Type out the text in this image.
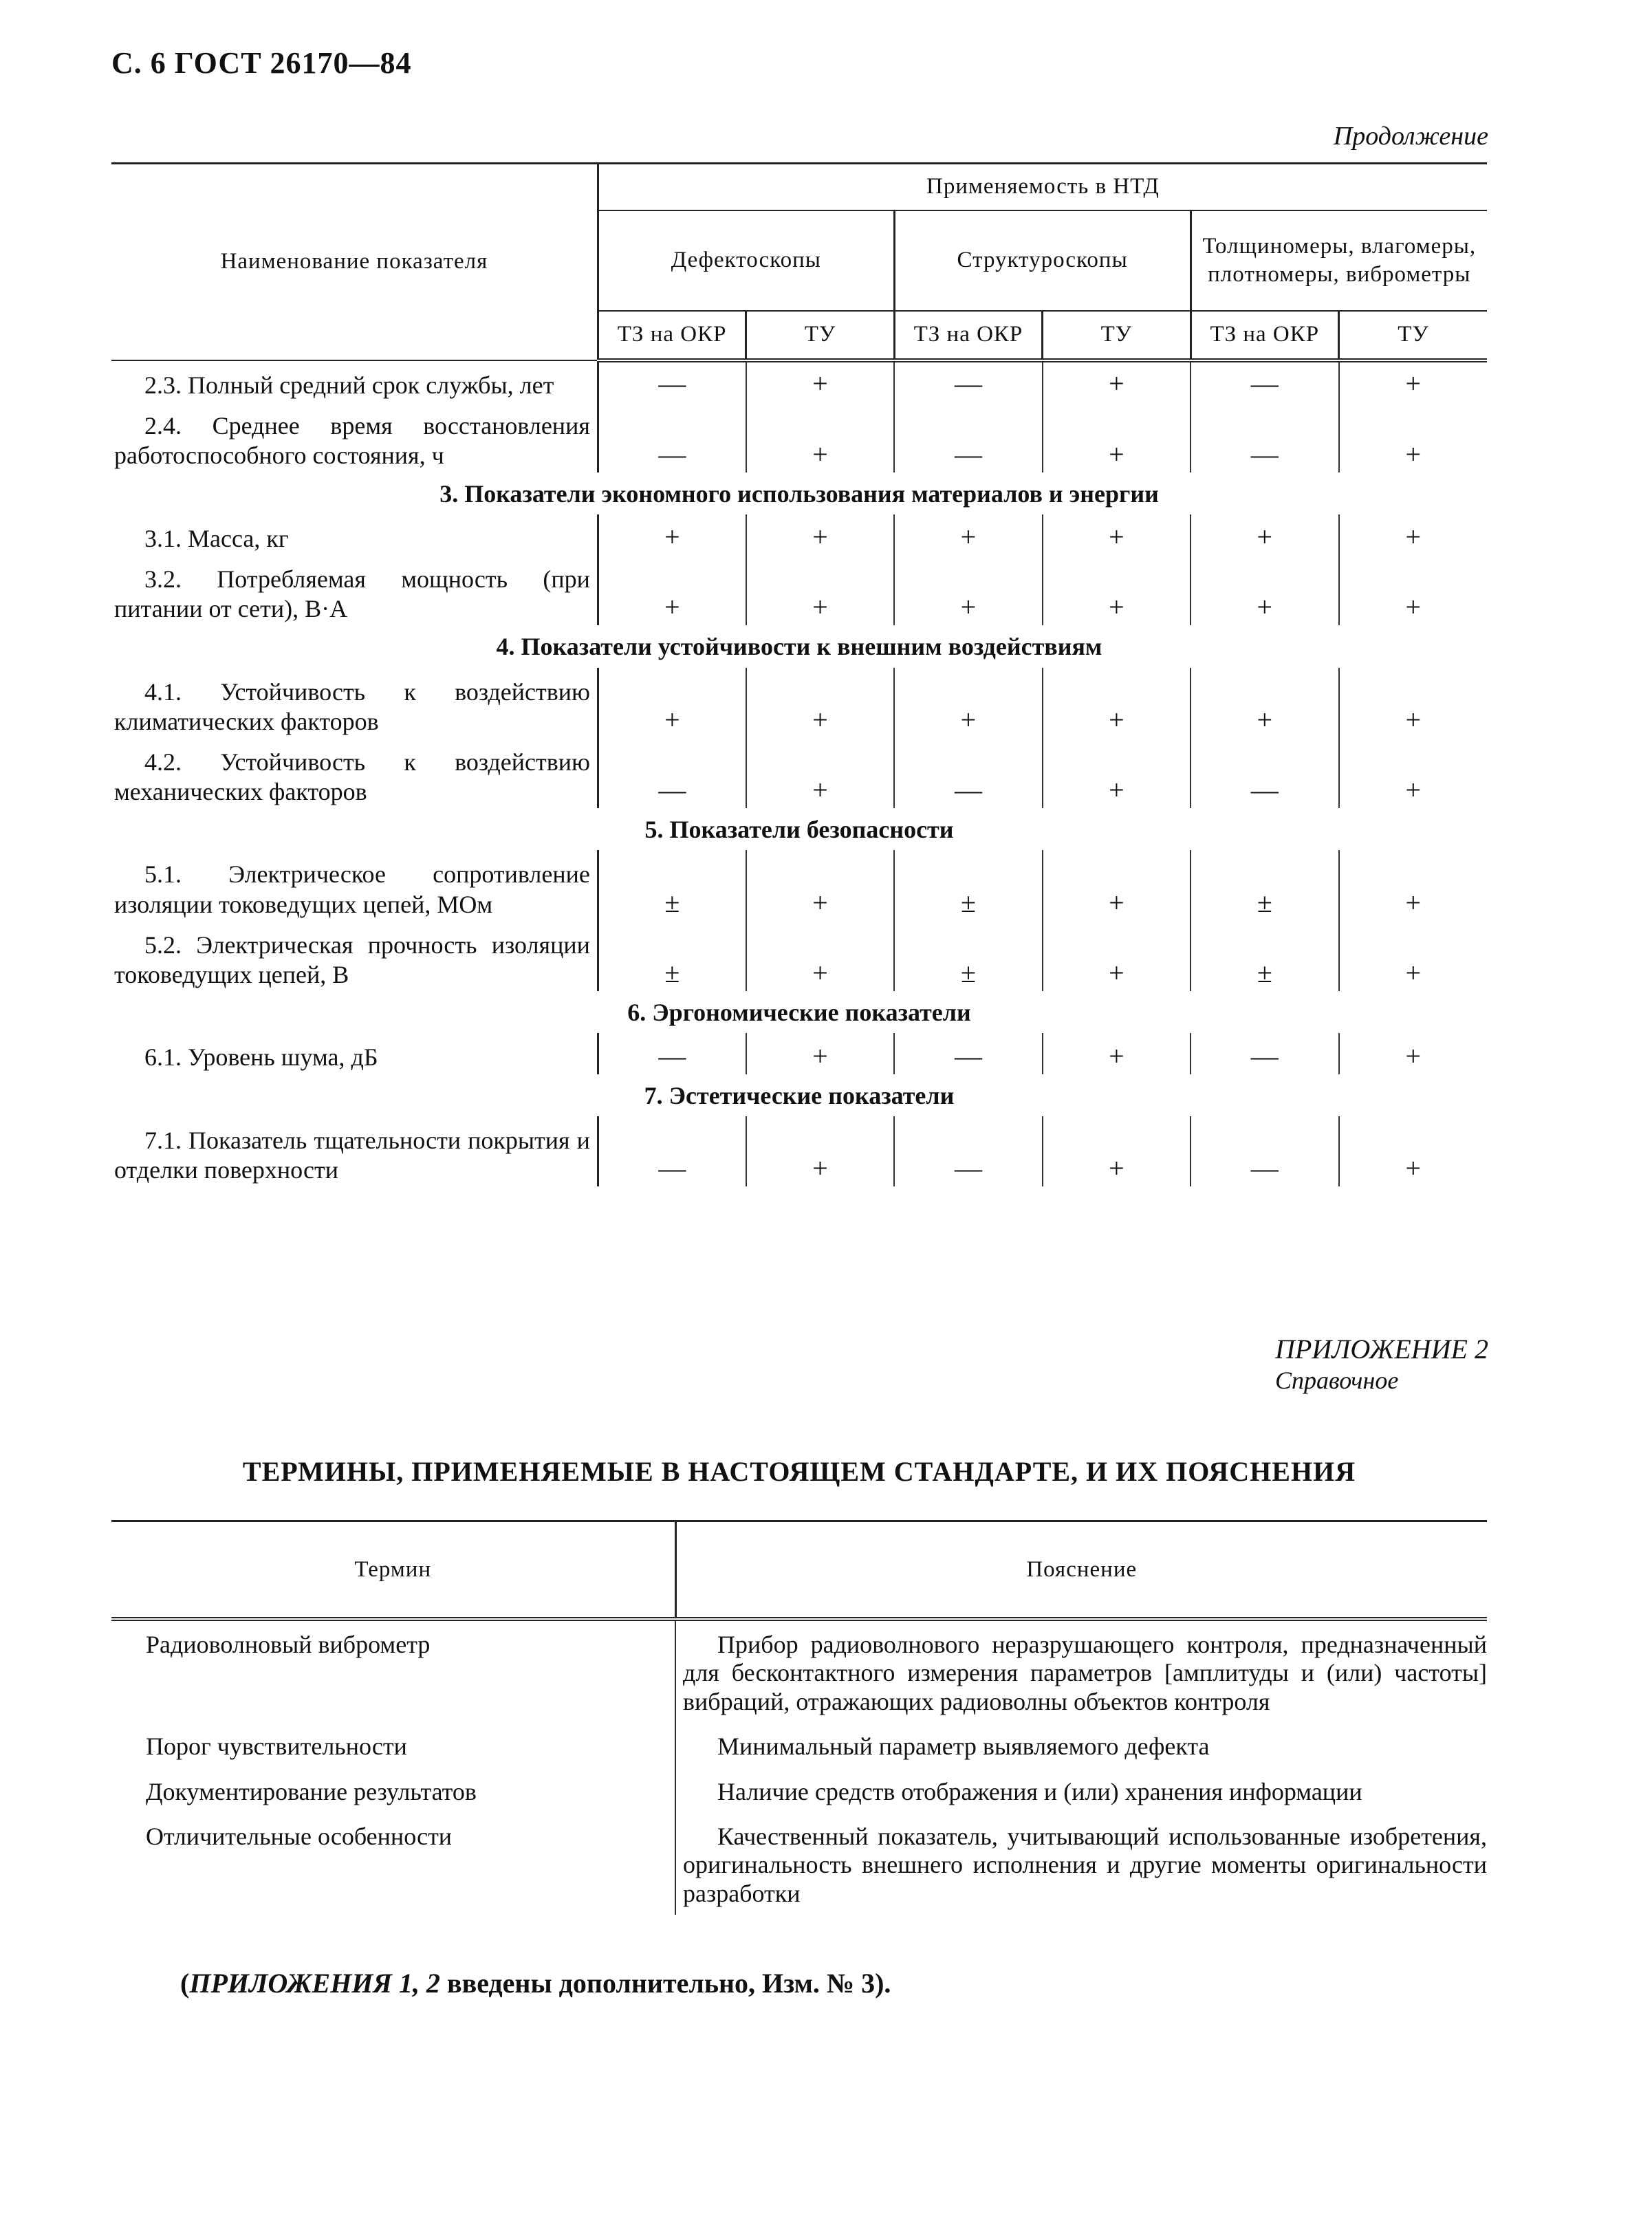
С. 6 ГОСТ 26170—84
Продолжение
Наименование показателя	Применяемость в НТД					
	Дефектоскопы		Структуроскопы		Толщиномеры, влагомеры, плотномеры, виброметры	
	ТЗ на ОКР	ТУ	ТЗ на ОКР	ТУ	ТЗ на ОКР	ТУ
2.3. Полный средний срок службы, лет	—	+	—	+	—	+
2.4. Среднее время восстановления работоспособного состояния, ч	—	+	—	+	—	+
3. Показатели экономного использования материалов и энергии						
3.1. Масса, кг	+	+	+	+	+	+
3.2. Потребляемая мощность (при питании от сети), В·А	+	+	+	+	+	+
4. Показатели устойчивости к внешним воздействиям						
4.1. Устойчивость к воздействию климатических факторов	+	+	+	+	+	+
4.2. Устойчивость к воздействию механических факторов	—	+	—	+	—	+
5. Показатели безопасности						
5.1. Электрическое сопротивление изоляции токоведущих цепей, МОм	±	+	±	+	±	+
5.2. Электрическая прочность изоляции токоведущих цепей, В	±	+	±	+	±	+
6. Эргономические показатели						
6.1. Уровень шума, дБ	—	+	—	+	—	+
7. Эстетические показатели						
7.1. Показатель тщательности покрытия и отделки поверхности	—	+	—	+	—	+
ПРИЛОЖЕНИЕ 2
Справочное
ТЕРМИНЫ, ПРИМЕНЯЕМЫЕ В НАСТОЯЩЕМ СТАНДАРТЕ, И ИХ ПОЯСНЕНИЯ
Термин	Пояснение
Радиоволновый виброметр	Прибор радиоволнового неразрушающего контроля, предназначенный для бесконтактного измерения параметров [амплитуды и (или) частоты] вибраций, отражающих радиоволны объектов контроля
Порог чувствительности	Минимальный параметр выявляемого дефекта
Документирование результатов	Наличие средств отображения и (или) хранения информации
Отличительные особенности	Качественный показатель, учитывающий использованные изобретения, оригинальность внешнего исполнения и другие моменты оригинальности разработки
(ПРИЛОЖЕНИЯ 1, 2 введены дополнительно, Изм. № 3).
